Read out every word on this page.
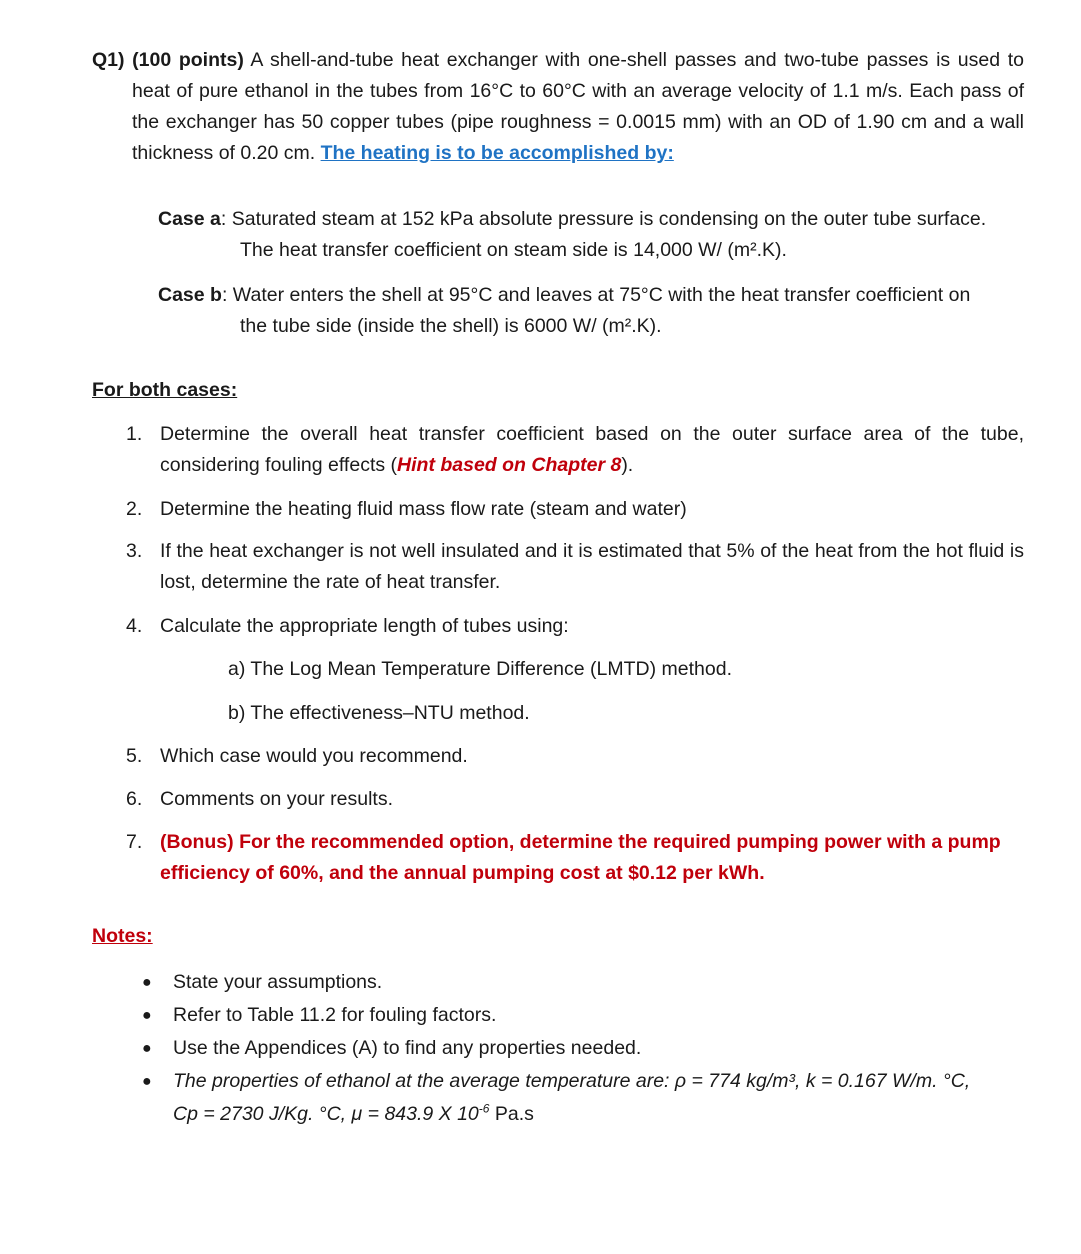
Q1) (100 points) A shell-and-tube heat exchanger with one-shell passes and two-tube passes is used to heat of pure ethanol in the tubes from 16°C to 60°C with an average velocity of 1.1 m/s. Each pass of the exchanger has 50 copper tubes (pipe roughness = 0.0015 mm) with an OD of 1.90 cm and a wall thickness of 0.20 cm. The heating is to be accomplished by:

Case a: Saturated steam at 152 kPa absolute pressure is condensing on the outer tube surface.

The heat transfer coefficient on steam side is 14,000 W/ (m².K).

Case b: Water enters the shell at 95°C and leaves at 75°C with the heat transfer coefficient on

the tube side (inside the shell) is 6000 W/ (m².K).

For both cases:
1. Determine the overall heat transfer coefficient based on the outer surface area of the tube, considering fouling effects (Hint based on Chapter 8).
2. Determine the heating fluid mass flow rate (steam and water)
3. If the heat exchanger is not well insulated and it is estimated that 5% of the heat from the hot fluid is lost, determine the rate of heat transfer.
4. Calculate the appropriate length of tubes using:
a) The Log Mean Temperature Difference (LMTD) method.
b) The effectiveness–NTU method.
5. Which case would you recommend.
6. Comments on your results.
7. (Bonus) For the recommended option, determine the required pumping power with a pump efficiency of 60%, and the annual pumping cost at $0.12 per kWh.
Notes:
● State your assumptions.
● Refer to Table 11.2 for fouling factors.
● Use the Appendices (A) to find any properties needed.
● The properties of ethanol at the average temperature are: ρ = 774 kg/m³, k = 0.167 W/m. °C,
Cp = 2730 J/Kg. °C, μ = 843.9 X $10^{-6}$ Pa.s
